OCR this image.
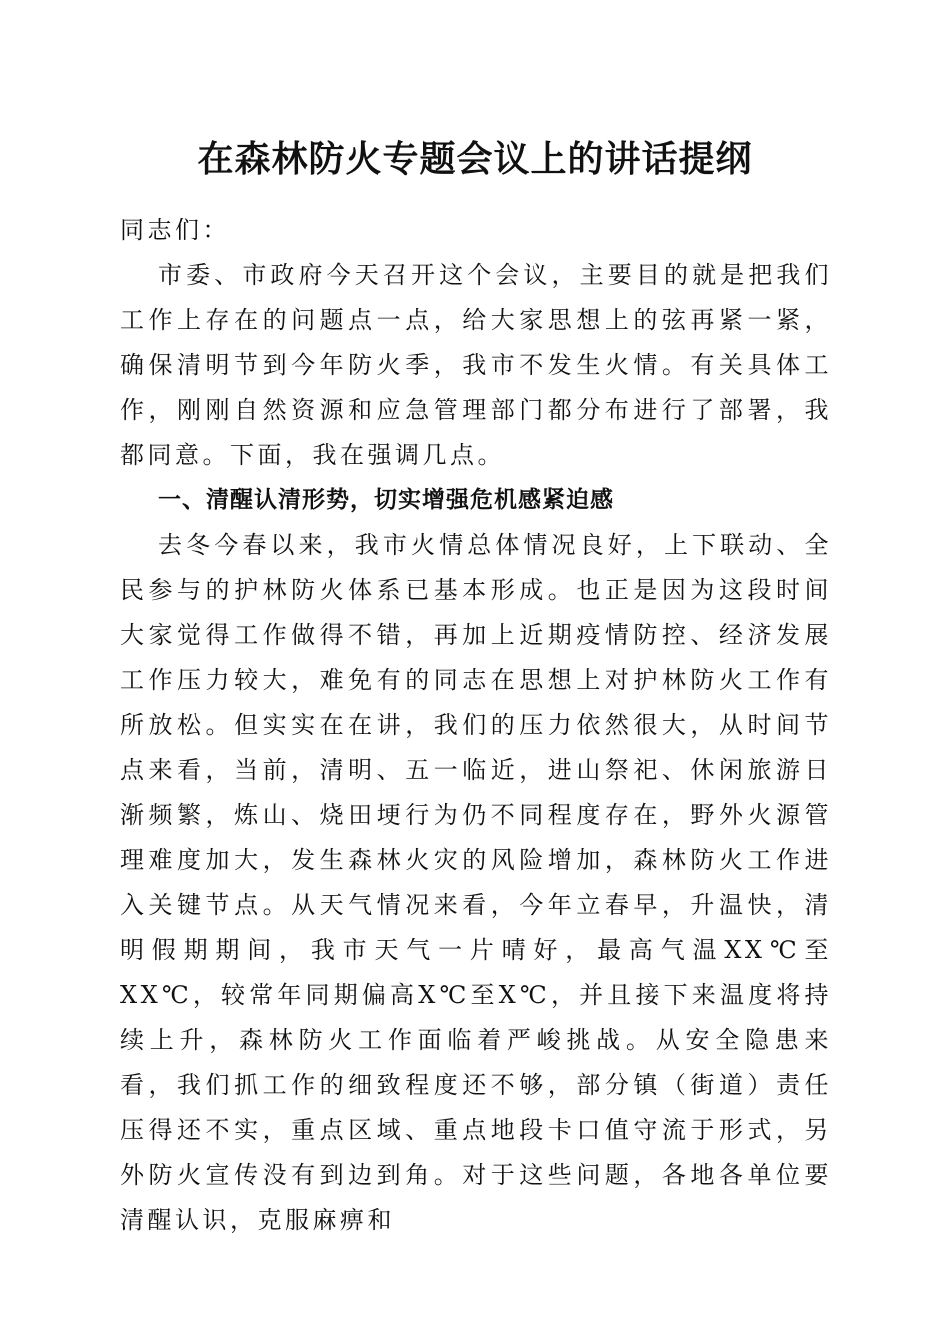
在森林防火专题会议上的讲话提纲

同志们：

市委、市政府今天召开这个会议，主要目的就是把我们工作上存在的问题点一点，给大家思想上的弦再紧一紧，确保清明节到今年防火季，我市不发生火情。有关具体工作，刚刚自然资源和应急管理部门都分布进行了部署，我都同意。下面，我在强调几点。

一、清醒认清形势，切实增强危机感紧迫感

去冬今春以来，我市火情总体情况良好，上下联动、全民参与的护林防火体系已基本形成。也正是因为这段时间大家觉得工作做得不错，再加上近期疫情防控、经济发展工作压力较大，难免有的同志在思想上对护林防火工作有所放松。但实实在在讲，我们的压力依然很大，从时间节点来看，当前，清明、五一临近，进山祭祀、休闲旅游日渐频繁，炼山、烧田埂行为仍不同程度存在，野外火源管理难度加大，发生森林火灾的风险增加，森林防火工作进入关键节点。从天气情况来看，今年立春早，升温快，清明假期期间，我市天气一片晴好，最高气温XX℃至XX℃，较常年同期偏高X℃至X℃，并且接下来温度将持续上升，森林防火工作面临着严峻挑战。从安全隐患来看，我们抓工作的细致程度还不够，部分镇（街道）责任压得还不实，重点区域、重点地段卡口值守流于形式，另外防火宣传没有到边到角。对于这些问题，各地各单位要清醒认识，克服麻痹和
